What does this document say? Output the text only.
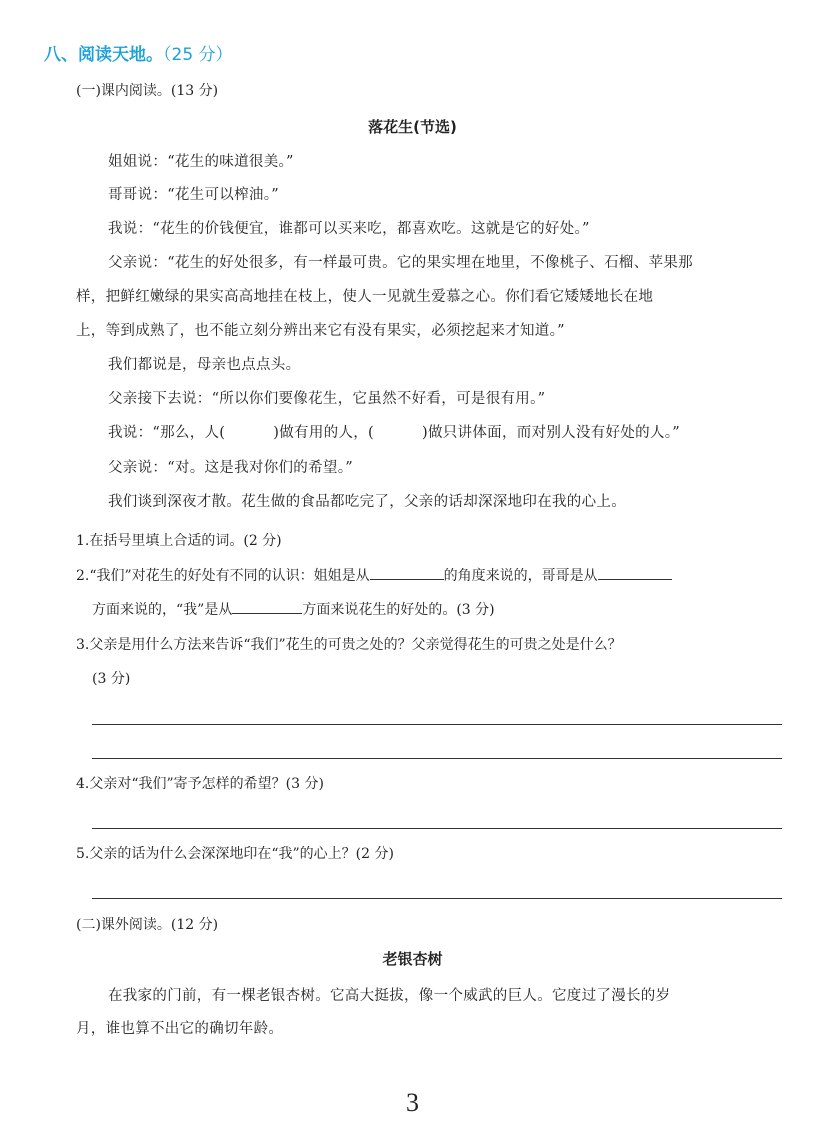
八、阅读天地。（25 分）
(一)课内阅读。(13 分)
落花生(节选)
姐姐说：“花生的味道很美。”
哥哥说：“花生可以榨油。”
我说：“花生的价钱便宜，谁都可以买来吃，都喜欢吃。这就是它的好处。”
父亲说：“花生的好处很多，有一样最可贵。它的果实埋在地里，不像桃子、石榴、苹果那
样，把鲜红嫩绿的果实高高地挂在枝上，使人一见就生爱慕之心。你们看它矮矮地长在地
上，等到成熟了，也不能立刻分辨出来它有没有果实，必须挖起来才知道。”
我们都说是，母亲也点点头。
父亲接下去说：“所以你们要像花生，它虽然不好看，可是很有用。”
我说：“那么，人(	)做有用的人，(	)做只讲体面，而对别人没有好处的人。”
父亲说：“对。这是我对你们的希望。”
我们谈到深夜才散。花生做的食品都吃完了，父亲的话却深深地印在我的心上。
1.在括号里填上合适的词。(2 分)
2.“我们”对花生的好处有不同的认识：姐姐是从	的角度来说的，哥哥是从
方面来说的，“我”是从	方面来说花生的好处的。(3 分)
3.父亲是用什么方法来告诉“我们”花生的可贵之处的？父亲觉得花生的可贵之处是什么？
(3 分)
4.父亲对“我们”寄予怎样的希望？(3 分)
5.父亲的话为什么会深深地印在“我”的心上？(2 分)
(二)课外阅读。(12 分)
老银杏树
在我家的门前，有一棵老银杏树。它高大挺拔，像一个威武的巨人。它度过了漫长的岁
月，谁也算不出它的确切年龄。
3
